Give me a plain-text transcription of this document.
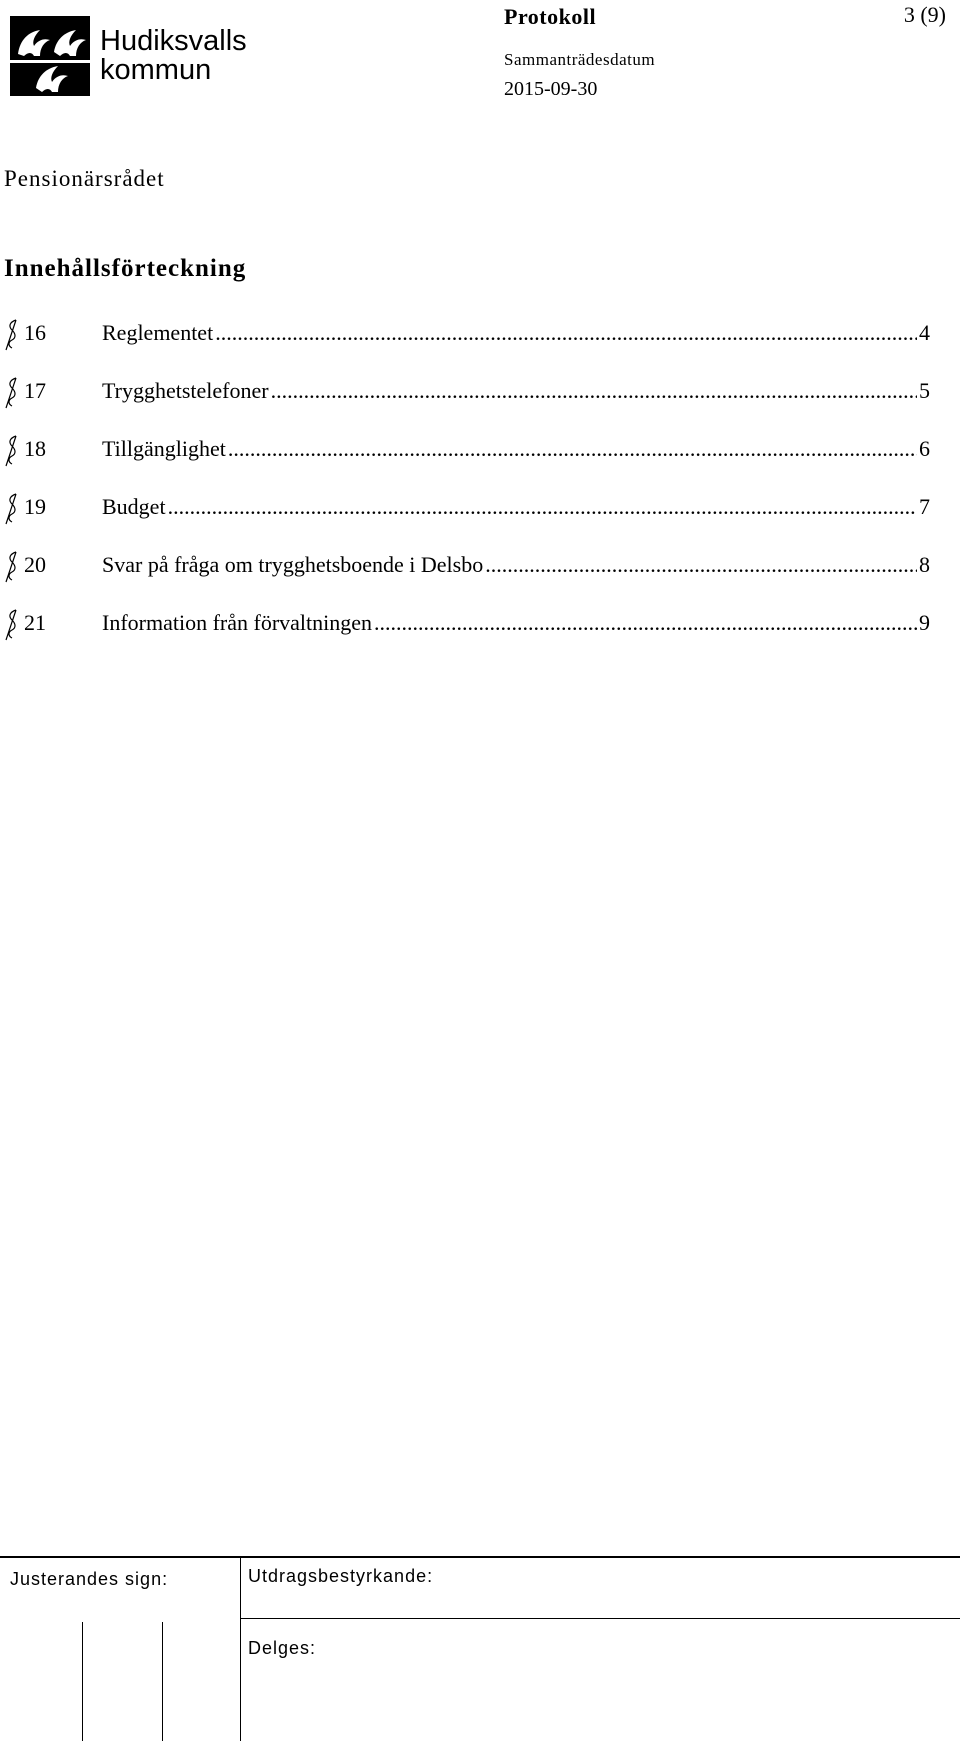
Hudiksvalls
kommun
Protokoll	3 (9)
Sammanträdesdatum
2015-09-30
Pensionärsrådet
Innehållsförteckning
16	Reglementet .....	4
17	Trygghetstelefoner .....	5
18	Tillgänglighet .....	6
19	Budget .....	7
20	Svar på fråga om trygghetsboende i Delsbo .....	8
21	Information från förvaltningen .....	9
Justerandes sign:	Utdragsbestyrkande:
Delges:
